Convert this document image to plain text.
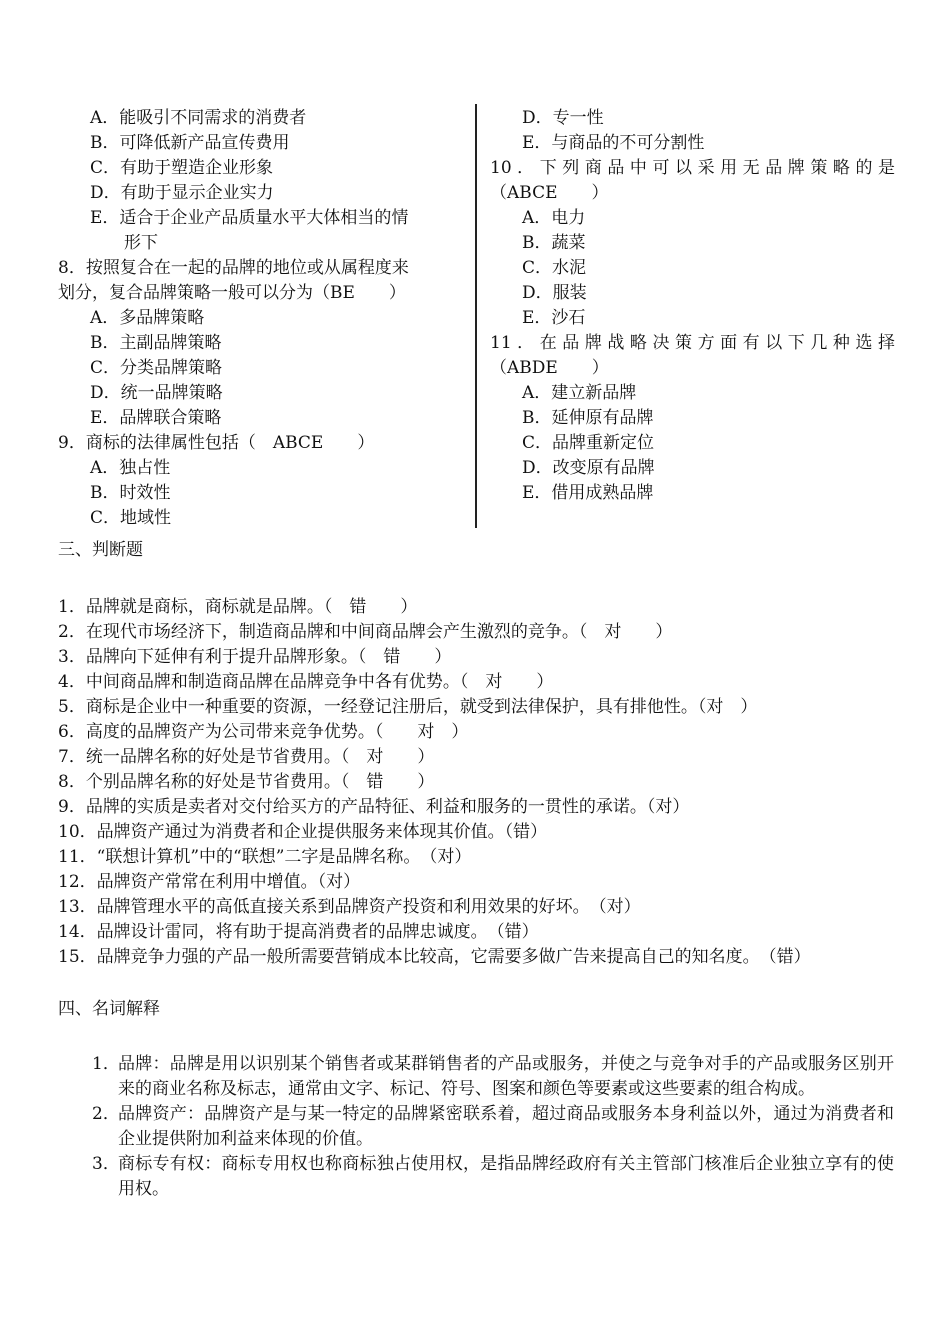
A．能吸引不同需求的消费者
B．可降低新产品宣传费用
C．有助于塑造企业形象
D．有助于显示企业实力
E．适合于企业产品质量水平大体相当的情
形下
8．按照复合在一起的品牌的地位或从属程度来
划分，复合品牌策略一般可以分为（BE　　）
A．多品牌策略
B．主副品牌策略
C．分类品牌策略
D．统一品牌策略
E．品牌联合策略
9．商标的法律属性包括（　ABCE　　）
A．独占性
B．时效性
C．地域性
D．专一性
E．与商品的不可分割性
10．下列商品中可以采用无品牌策略的是
（ABCE　　）
A．电力
B．蔬菜
C．水泥
D．服装
E．沙石
11．在品牌战略决策方面有以下几种选择
（ABDE　　）
A．建立新品牌
B．延伸原有品牌
C．品牌重新定位
D．改变原有品牌
E．借用成熟品牌
三、判断题
1．品牌就是商标，商标就是品牌。（　错　　）
2．在现代市场经济下，制造商品牌和中间商品牌会产生激烈的竞争。（　对　　）
3．品牌向下延伸有利于提升品牌形象。（　错　　）
4．中间商品牌和制造商品牌在品牌竞争中各有优势。（　对　　）
5．商标是企业中一种重要的资源，一经登记注册后，就受到法律保护，具有排他性。（对　）
6．高度的品牌资产为公司带来竞争优势。（　　对　）
7．统一品牌名称的好处是节省费用。（　对　　）
8．个别品牌名称的好处是节省费用。（　错　　）
9．品牌的实质是卖者对交付给买方的产品特征、利益和服务的一贯性的承诺。（对）
10．品牌资产通过为消费者和企业提供服务来体现其价值。（错）
11．“联想计算机”中的“联想”二字是品牌名称。　（对）
12．品牌资产常常在利用中增值。（对）
13．品牌管理水平的高低直接关系到品牌资产投资和利用效果的好坏。　（对）
14．品牌设计雷同，将有助于提高消费者的品牌忠诚度。　（错）
15．品牌竞争力强的产品一般所需要营销成本比较高，它需要多做广告来提高自己的知名度。　（错）
四、名词解释
1．
品牌：品牌是用以识别某个销售者或某群销售者的产品或服务，并使之与竞争对手的产品或服务区别开来的商业名称及标志，通常由文字、标记、符号、图案和颜色等要素或这些要素的组合构成。
2．
品牌资产：品牌资产是与某一特定的品牌紧密联系着，超过商品或服务本身利益以外，通过为消费者和企业提供附加利益来体现的价值。
3．
商标专有权：商标专用权也称商标独占使用权，是指品牌经政府有关主管部门核准后企业独立享有的使用权。
